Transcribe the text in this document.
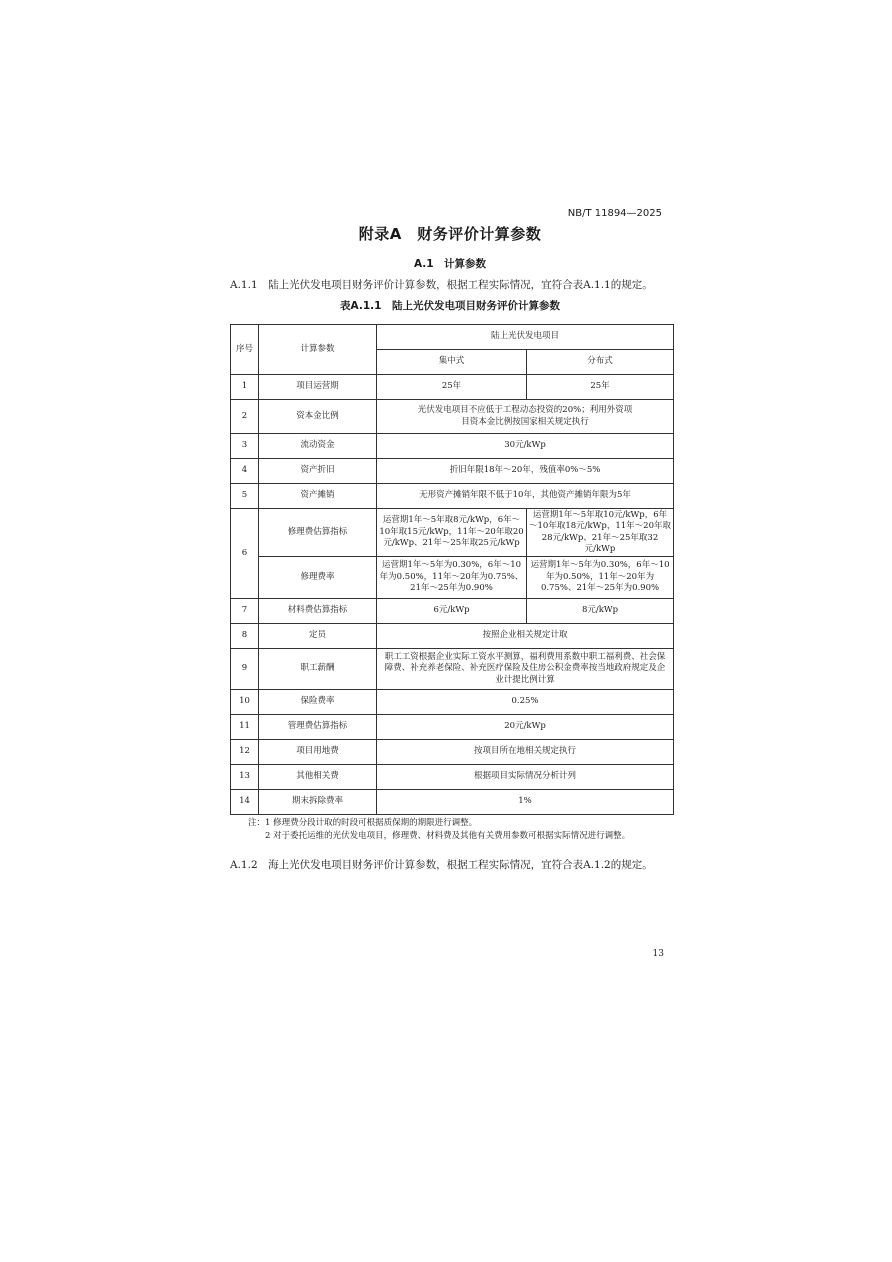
NB/T 11894—2025
附录A　财务评价计算参数
A.1　计算参数
A.1.1　陆上光伏发电项目财务评价计算参数，根据工程实际情况，宜符合表A.1.1的规定。
表A.1.1　陆上光伏发电项目财务评价计算参数
序号	计算参数	陆上光伏发电项目	
		集中式	分布式
1	项目运营期	25年	25年
2	资本金比例	光伏发电项目不应低于工程动态投资的20%；利用外资项目资本金比例按国家相关规定执行	
3	流动资金	30元/kWp	
4	资产折旧	折旧年限18年～20年，残值率0%～5%	
5	资产摊销	无形资产摊销年限不低于10年，其他资产摊销年限为5年	
6	修理费估算指标	运营期1年～5年取8元/kWp，6年～10年取15元/kWp，11年～20年取20元/kWp、21年～25年取25元/kWp	运营期1年～5年取10元/kWp，6年～10年取18元/kWp，11年～20年取28元/kWp、21年～25年取32元/kWp
	修理费率	运营期1年～5年为0.30%，6年～10年为0.50%，11年～20年为0.75%、21年～25年为0.90%	运营期1年～5年为0.30%，6年～10年为0.50%，11年～20年为0.75%、21年～25年为0.90%
7	材料费估算指标	6元/kWp	8元/kWp
8	定员	按照企业相关规定计取	
9	职工薪酬	职工工资根据企业实际工资水平测算，福利费用系数中职工福利费、社会保障费、补充养老保险、补充医疗保险及住房公积金费率按当地政府规定及企业计提比例计算	
10	保险费率	0.25%	
11	管理费估算指标	20元/kWp	
12	项目用地费	按项目所在地相关规定执行	
13	其他相关费	根据项目实际情况分析计列	
14	期末拆除费率	1%	
注：1 修理费分段计取的时段可根据质保期的期限进行调整。
2 对于委托运维的光伏发电项目，修理费、材料费及其他有关费用参数可根据实际情况进行调整。
A.1.2　海上光伏发电项目财务评价计算参数，根据工程实际情况，宜符合表A.1.2的规定。
13
